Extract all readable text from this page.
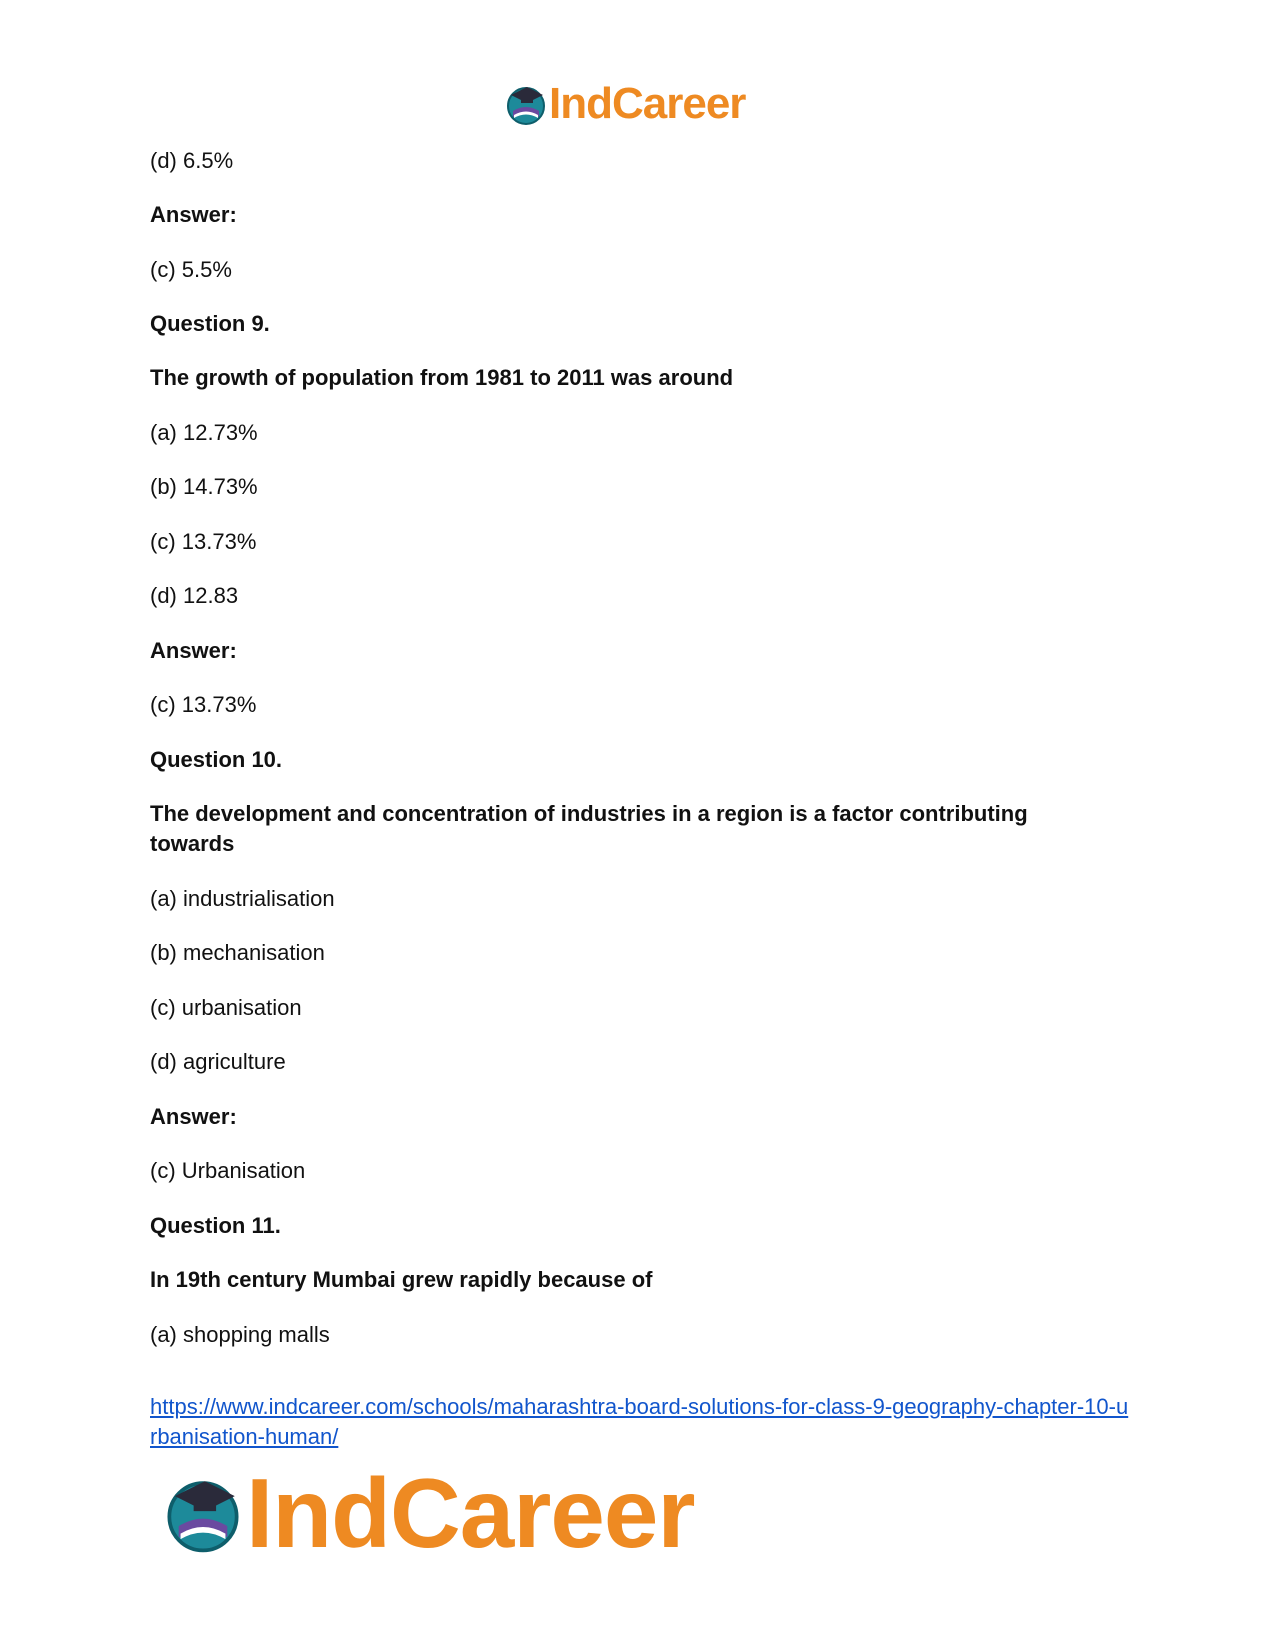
IndCareer
(d) 6.5%
Answer:
(c) 5.5%
Question 9.
The growth of population from 1981 to 2011 was around
(a) 12.73%
(b) 14.73%
(c) 13.73%
(d) 12.83
Answer:
(c) 13.73%
Question 10.
The development and concentration of industries in a region is a factor contributing towards
(a) industrialisation
(b) mechanisation
(c) urbanisation
(d) agriculture
Answer:
(c) Urbanisation
Question 11.
In 19th century Mumbai grew rapidly because of
(a) shopping malls
https://www.indcareer.com/schools/maharashtra-board-solutions-for-class-9-geography-chapter-10-urbanisation-human/
IndCareer
